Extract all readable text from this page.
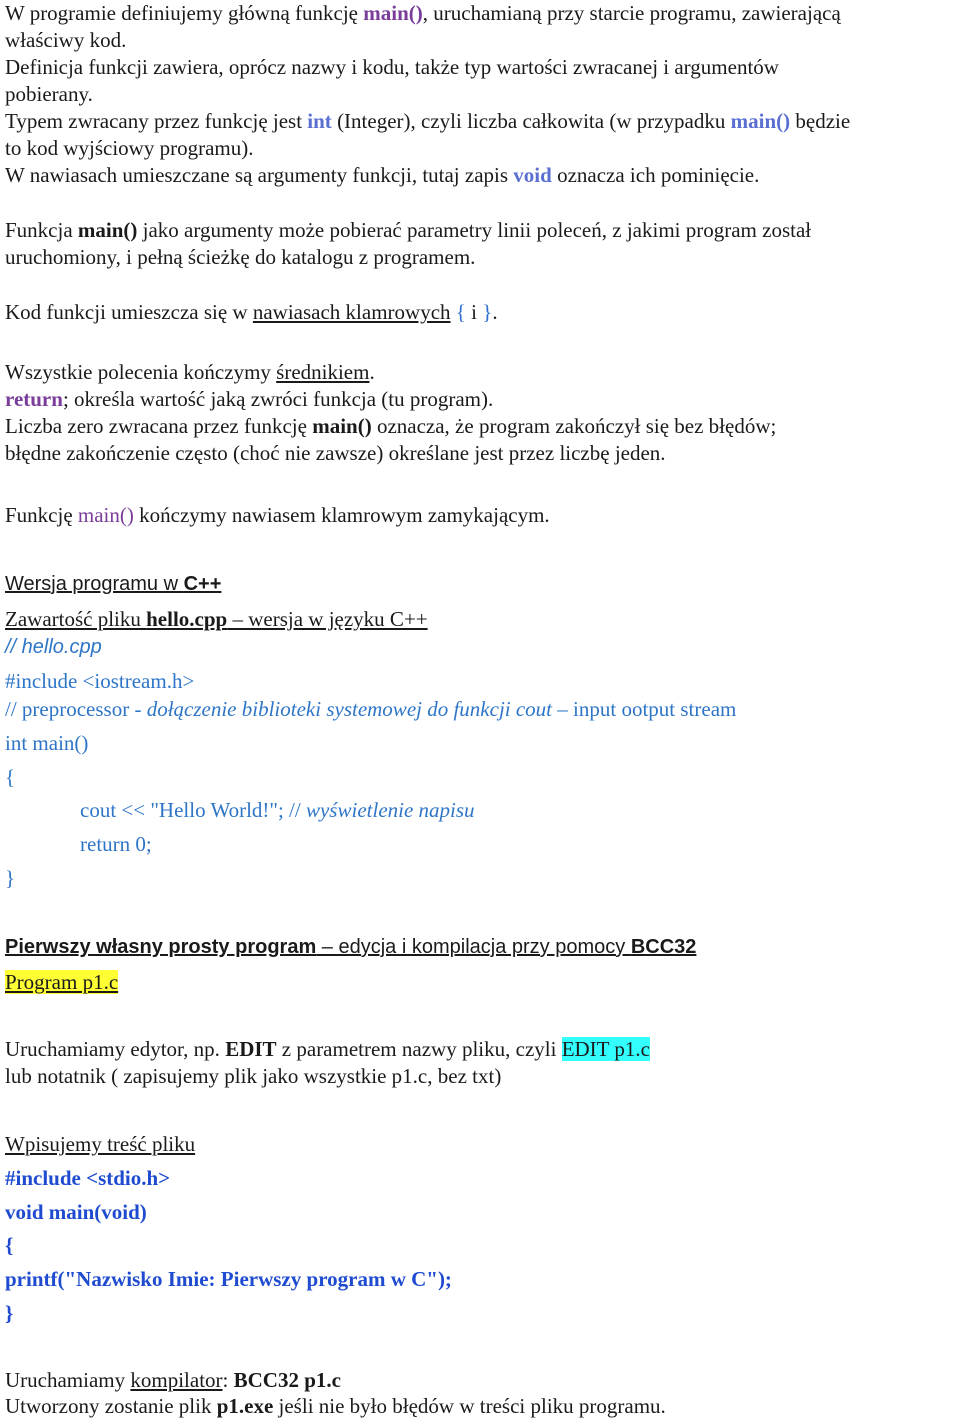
W programie definiujemy główną funkcję main(), uruchamianą przy starcie programu, zawierającą
właściwy kod.
Definicja funkcji zawiera, oprócz nazwy i kodu, także typ wartości zwracanej i argumentów
pobierany.
Typem zwracany przez funkcję jest int (Integer), czyli liczba całkowita (w przypadku main() będzie
to kod wyjściowy programu).
W nawiasach umieszczane są argumenty funkcji, tutaj zapis void oznacza ich pominięcie.
Funkcja main() jako argumenty może pobierać parametry linii poleceń, z jakimi program został
uruchomiony, i pełną ścieżkę do katalogu z programem.
Kod funkcji umieszcza się w nawiasach klamrowych { i }.
Wszystkie polecenia kończymy średnikiem.
return; określa wartość jaką zwróci funkcja (tu program).
Liczba zero zwracana przez funkcję main() oznacza, że program zakończył się bez błędów;
błędne zakończenie często (choć nie zawsze) określane jest przez liczbę jeden.
Funkcję main() kończymy nawiasem klamrowym zamykającym.
Wersja programu w C++
Zawartość pliku hello.cpp – wersja w języku C++
// hello.cpp
#include <iostream.h>
// preprocessor - dołączenie biblioteki systemowej do funkcji cout – input ootput stream
int main()
{
cout << "Hello World!"; // wyświetlenie napisu
return 0;
}
Pierwszy własny prosty program – edycja i kompilacja przy pomocy BCC32
Program p1.c
Uruchamiamy edytor, np. EDIT z parametrem nazwy pliku, czyli EDIT p1.c
lub notatnik ( zapisujemy plik jako wszystkie p1.c, bez txt)
Wpisujemy treść pliku
#include <stdio.h>
void main(void)
{
printf("Nazwisko Imie: Pierwszy program w C");
}
Uruchamiamy kompilator: BCC32 p1.c
Utworzony zostanie plik p1.exe jeśli nie było błędów w treści pliku programu.
